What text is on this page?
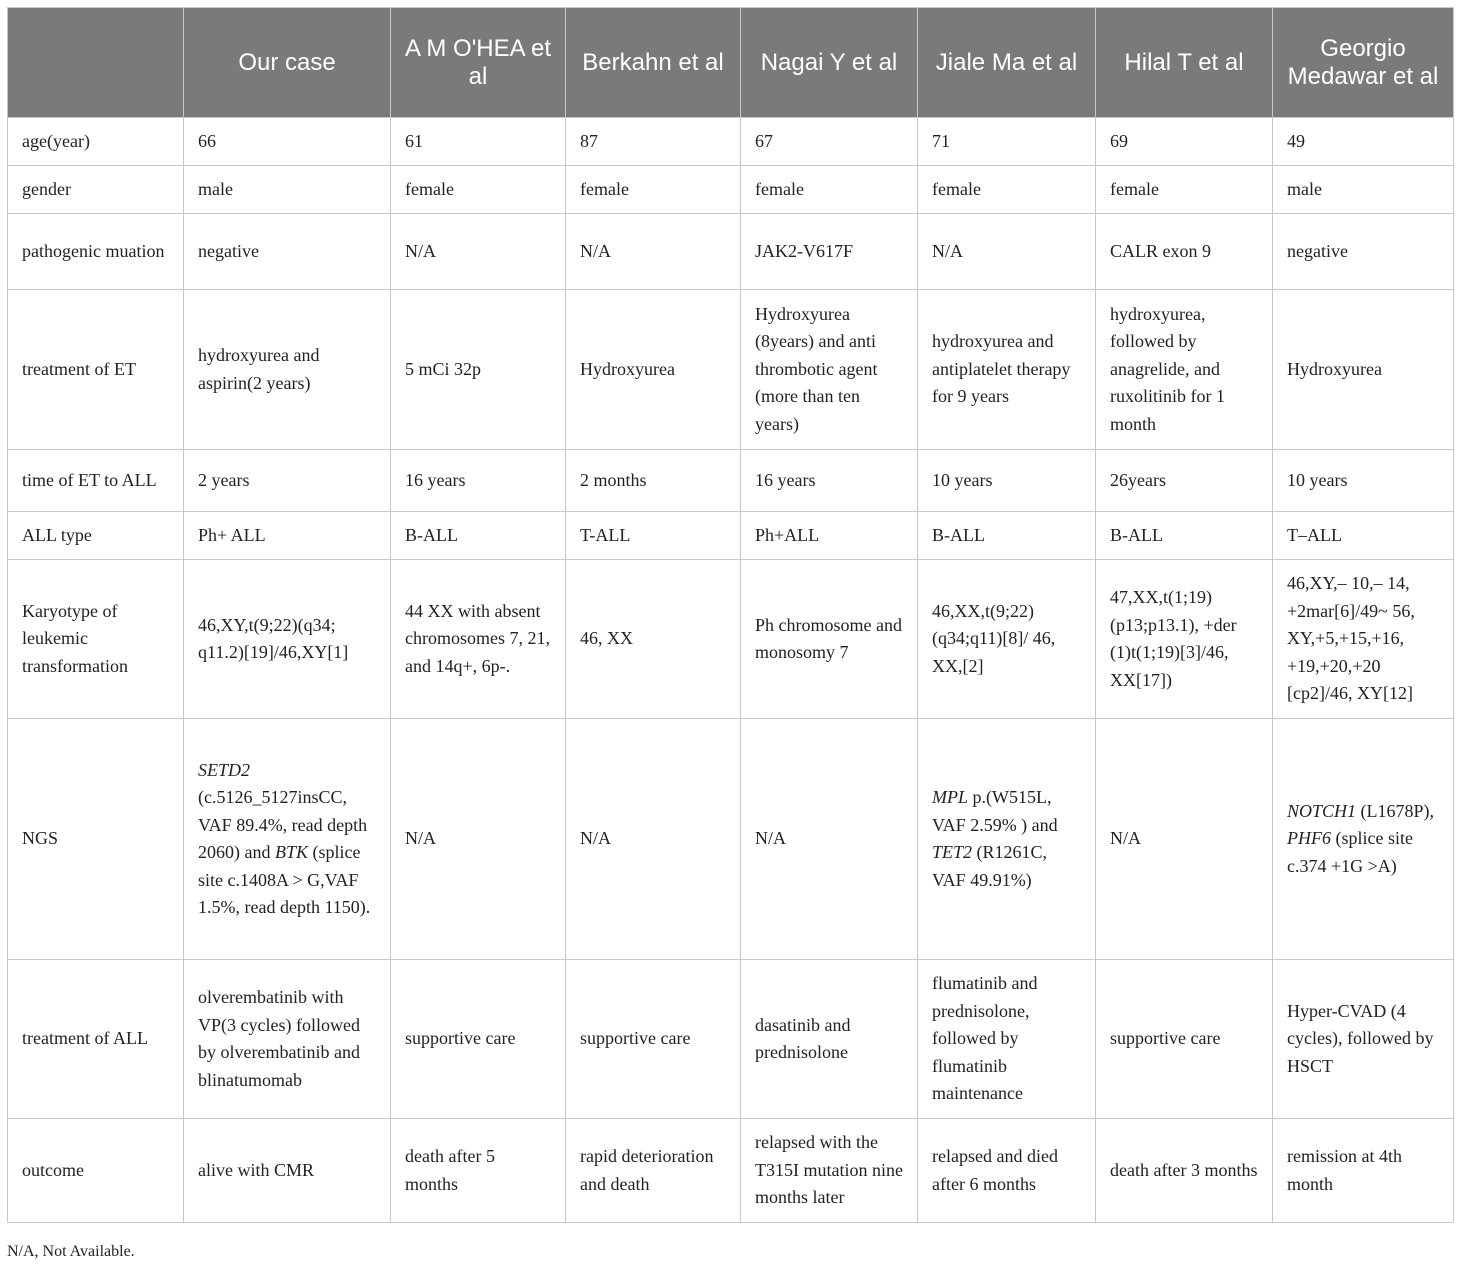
	Our case	A M O'HEA et al	Berkahn et al	Nagai Y et al	Jiale Ma et al	Hilal T et al	Georgio Medawar et al
age(year)	66	61	87	67	71	69	49
gender	male	female	female	female	female	female	male
pathogenic muation	negative	N/A	N/A	JAK2-V617F	N/A	CALR exon 9	negative
treatment of ET	hydroxyurea and aspirin(2 years)	5 mCi 32p	Hydroxyurea	Hydroxyurea (8years) and anti thrombotic agent (more than ten years)	hydroxyurea and antiplatelet therapy for 9 years	hydroxyurea, followed by anagrelide, and ruxolitinib for 1 month	Hydroxyurea
time of ET to ALL	2 years	16 years	2 months	16 years	10 years	26years	10 years
ALL type	Ph+ ALL	B-ALL	T-ALL	Ph+ALL	B-ALL	B-ALL	T–ALL
Karyotype of leukemic transformation	46,XY,t(9;22)(q34; q11.2)[19]/46,XY[1]	44 XX with absent chromosomes 7, 21, and 14q+, 6p-.	46, XX	Ph chromosome and monosomy 7	46,XX,t(9;22) (q34;q11)[8]/ 46, XX,[2]	47,XX,t(1;19) (p13;p13.1), +der (1)t(1;19)[3]/46, XX[17])	46,XY,– 10,– 14, +2mar[6]/49~ 56, XY,+5,+15,+16, +19,+20,+20 [cp2]/46, XY[12]
NGS	SETD2 (c.5126_5127insCC, VAF 89.4%, read depth 2060) and BTK (splice site c.1408A > G,VAF 1.5%, read depth 1150).	N/A	N/A	N/A	MPL p.(W515L, VAF 2.59% ) and TET2 (R1261C, VAF 49.91%)	N/A	NOTCH1 (L1678P), PHF6 (splice site c.374 +1G >A)
treatment of ALL	olverembatinib with VP(3 cycles) followed by olverembatinib and blinatumomab	supportive care	supportive care	dasatinib and prednisolone	flumatinib and prednisolone, followed by flumatinib maintenance	supportive care	Hyper-CVAD (4 cycles), followed by HSCT
outcome	alive with CMR	death after 5 months	rapid deterioration and death	relapsed with the T315I mutation nine months later	relapsed and died after 6 months	death after 3 months	remission at 4th month
N/A, Not Available.
